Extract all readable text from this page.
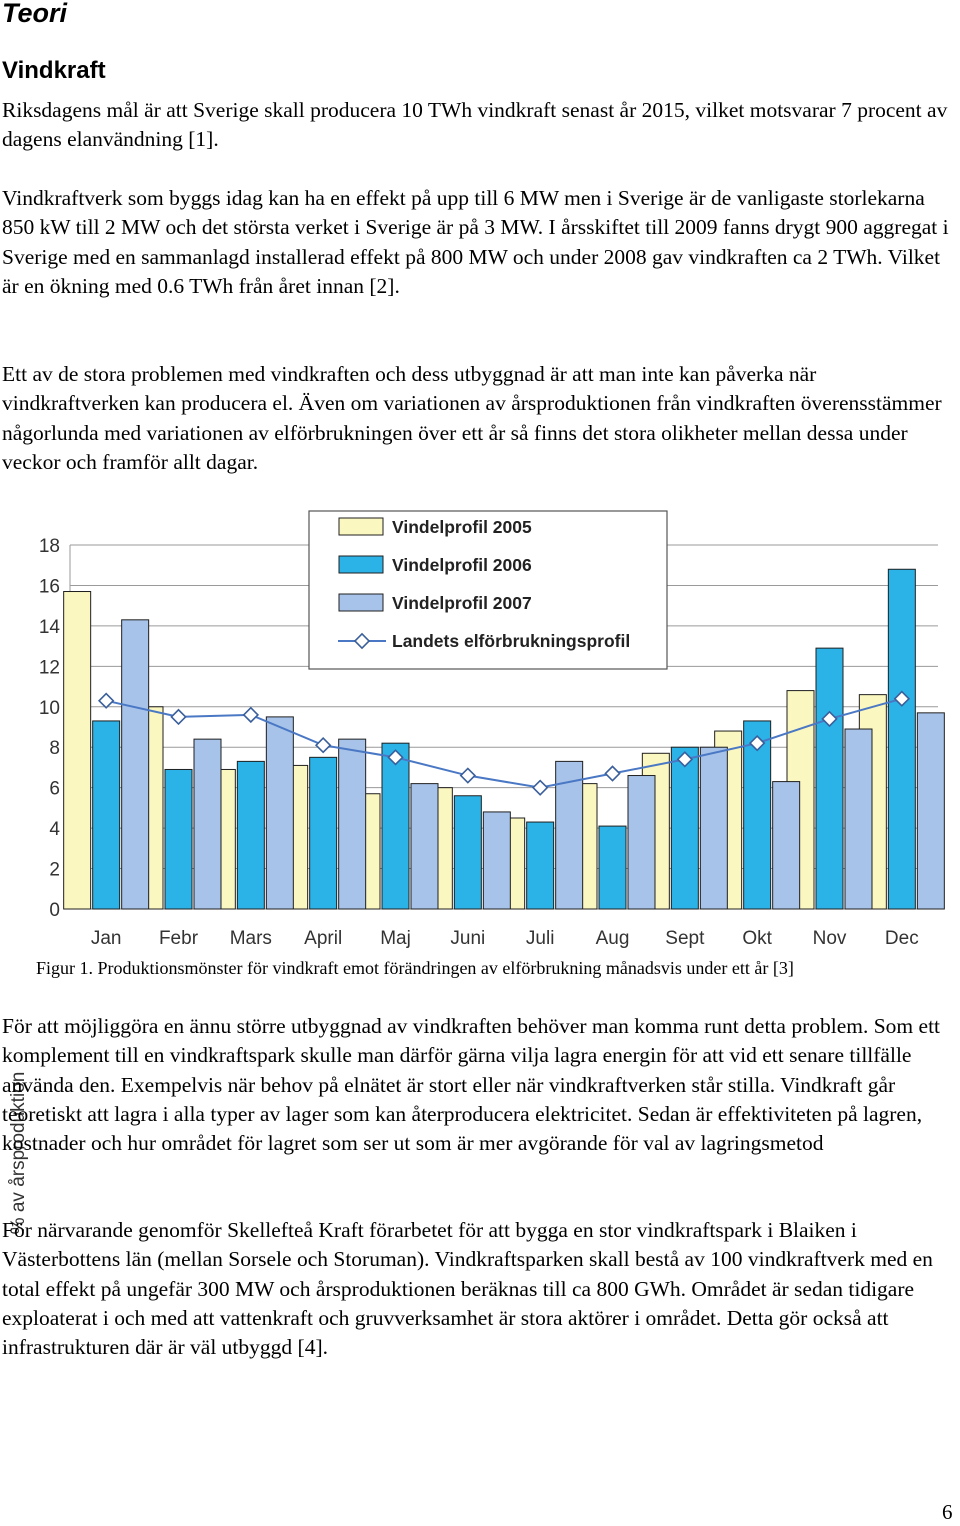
Teori
Vindkraft

Riksdagens mål är att Sverige skall producera 10 TWh vindkraft senast år 2015, vilket motsvarar 7 procent av dagens elanvändning [1].

Vindkraftverk som byggs idag kan ha en effekt på upp till 6 MW men i Sverige är de vanligaste storlekarna 850 kW till 2 MW och det största verket i Sverige är på 3 MW. I årsskiftet till 2009 fanns drygt 900 aggregat i Sverige med en sammanlagd installerad effekt på 800 MW och under 2008 gav vindkraften ca 2 TWh. Vilket är en ökning med 0.6 TWh från året innan [2].

Ett av de stora problemen med vindkraften och dess utbyggnad är att man inte kan påverka när vindkraftverken kan producera el. Även om variationen av årsproduktionen från vindkraften överensstämmer någorlunda med variationen av elförbrukningen över ett år så finns det stora olikheter mellan dessa under veckor och framför allt dagar.

0
2
4
6
8
10
12
14
16
18
% av årsproduktion
Jan Febr Mars April Maj Juni Juli Aug Sept Okt Nov Dec
Vindelprofil 2005
Vindelprofil 2006
Vindelprofil 2007
Landets elförbrukningsprofil

Figur 1. Produktionsmönster för vindkraft emot förändringen av elförbrukning månadsvis under ett år [3]

För att möjliggöra en ännu större utbyggnad av vindkraften behöver man komma runt detta problem. Som ett komplement till en vindkraftspark skulle man därför gärna vilja lagra energin för att vid ett senare tillfälle använda den. Exempelvis när behov på elnätet är stort eller när vindkraftverken står stilla. Vindkraft går teoretiskt att lagra i alla typer av lager som kan återproducera elektricitet. Sedan är effektiviteten på lagren, kostnader och hur området för lagret som ser ut som är mer avgörande för val av lagringsmetod

För närvarande genomför Skellefteå Kraft förarbetet för att bygga en stor vindkraftspark i Blaiken i Västerbottens län (mellan Sorsele och Storuman). Vindkraftsparken skall bestå av 100 vindkraftverk med en total effekt på ungefär 300 MW och årsproduktionen beräknas till ca 800 GWh. Området är sedan tidigare exploaterat i och med att vattenkraft och gruvverksamhet är stora aktörer i området. Detta gör också att infrastrukturen där är väl utbyggd [4].

6
